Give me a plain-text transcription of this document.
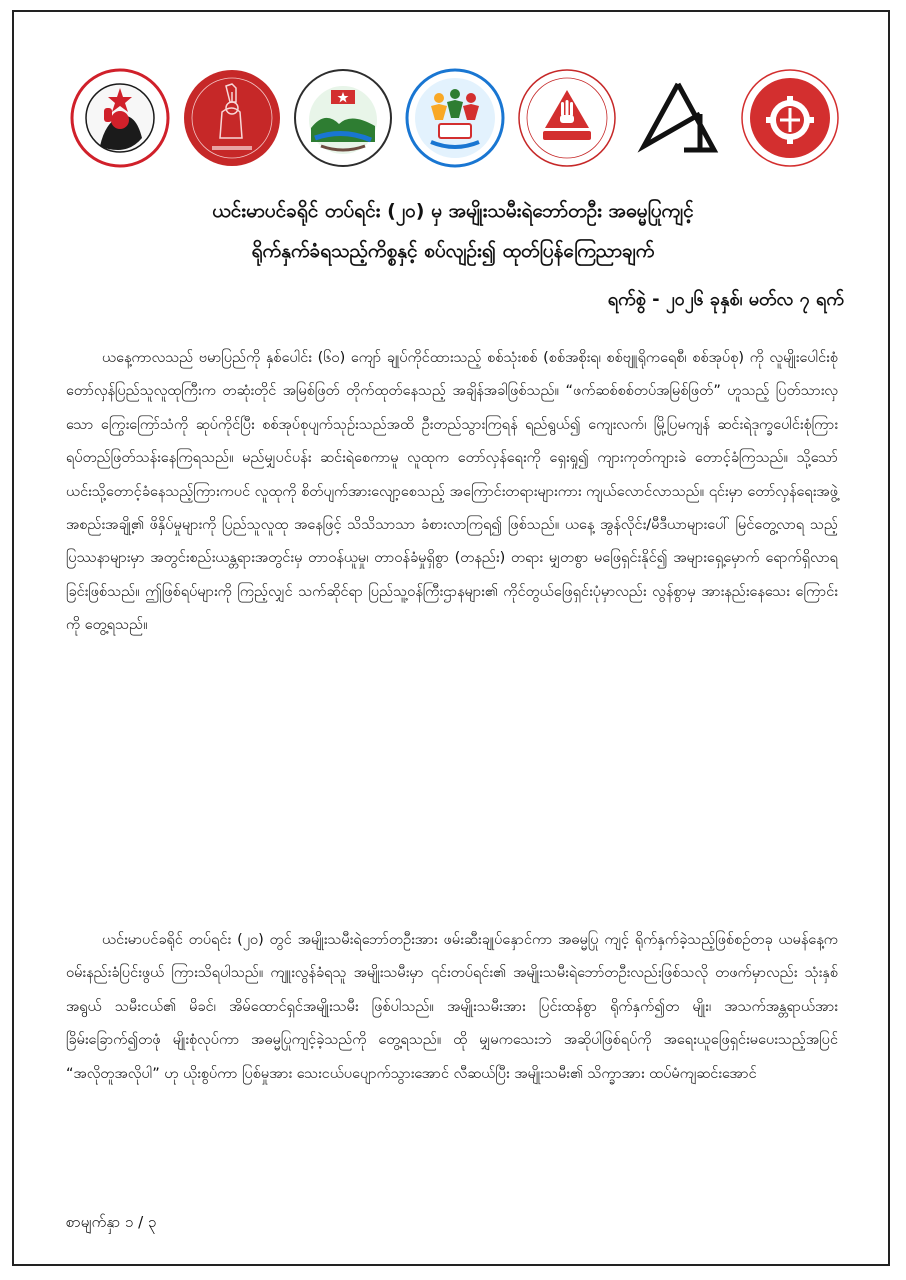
ယင်းမာပင်ခရိုင် တပ်ရင်း (၂၀) မှ အမျိုးသမီးရဲဘော်တဦး အဓမ္မပြုကျင့်
ရိုက်နှက်ခံရသည့်ကိစ္စနှင့် စပ်လျဉ်း၍ ထုတ်ပြန်ကြေညာချက်

ရက်စွဲ - ၂၀၂၆ ခုနှစ်၊ မတ်လ ၇ ရက်

ယနေ့ကာလသည် ဗမာပြည်ကို နှစ်ပေါင်း (၆၀) ကျော် ချုပ်ကိုင်ထားသည့် စစ်သုံးစစ် (စစ်အစိုးရ၊ စစ်ဗျူရိုကရေစီ၊ စစ်အုပ်စု) ကို လူမျိုးပေါင်းစုံ တော်လှန်ပြည်သူလူထုကြီးက တဆုံးတိုင် အမြစ်ဖြတ် တိုက်ထုတ်နေသည့် အချိန်အခါဖြစ်သည်။ “ဖက်ဆစ်စစ်တပ်အမြစ်ဖြတ်” ဟူသည့် ပြတ်သားလှသော ကြွေးကြော်သံကို ဆုပ်ကိုင်ပြီး စစ်အုပ်စုပျက်သုဉ်းသည်အထိ ဦးတည်သွားကြရန် ရည်ရွယ်၍ ကျေးလက်၊ မြို့ပြမကျန် ဆင်းရဲဒုက္ခပေါင်းစုံကြား ရပ်တည်ဖြတ်သန်းနေကြရသည်။ မည်မျှပင်ပန်း ဆင်းရဲစေကာမူ လူထုက တော်လှန်ရေးကို ရှေးရှု၍ ကျားကုတ်ကျားခဲ တောင့်ခံကြသည်။ သို့သော် ယင်းသို့တောင့်ခံနေသည့်ကြားကပင် လူထုကို စိတ်ပျက်အားလျော့စေသည့် အကြောင်းတရားများကား ကျယ်လောင်လာသည်။ ၎င်းမှာ တော်လှန်ရေးအဖွဲ့အစည်းအချို့၏ ဖိနှိပ်မှုများကို ပြည်သူလူထု အနေဖြင့် သိသိသာသာ ခံစားလာကြရ၍ ဖြစ်သည်။ ယနေ့ အွန်လိုင်း/မီဒီယာများပေါ် မြင်တွေ့လာရ သည့် ပြဿနာများမှာ အတွင်းစည်းယန္တရားအတွင်းမှ တာဝန်ယူမှု၊ တာဝန်ခံမှုရှိစွာ (တနည်း) တရား မျှတစွာ မဖြေရှင်းနိုင်၍ အများရှေ့မှောက် ရောက်ရှိလာရခြင်းဖြစ်သည်။ ဤဖြစ်ရပ်များကို ကြည့်လျှင် သက်ဆိုင်ရာ ပြည်သူ့ဝန်ကြီးဌာနများ၏ ကိုင်တွယ်ဖြေရှင်းပုံမှာလည်း လွန်စွာမှ အားနည်းနေသေး ကြောင်းကို တွေ့ရသည်။

ယင်းမာပင်ခရိုင် တပ်ရင်း (၂၀) တွင် အမျိုးသမီးရဲဘော်တဦးအား ဖမ်းဆီးချုပ်နှောင်ကာ အဓမ္မပြု ကျင့် ရိုက်နှက်ခဲ့သည့်ဖြစ်စဉ်တခု ယမန်နေ့က ဝမ်းနည်းခံပြင်းဖွယ် ကြားသိရပါသည်။ ကျူးလွန်ခံရသူ အမျိုးသမီးမှာ ၎င်းတပ်ရင်း၏ အမျိုးသမီးရဲဘော်တဦးလည်းဖြစ်သလို တဖက်မှာလည်း သုံးနှစ်အရွယ် သမီးငယ်၏ မိခင်၊ အိမ်ထောင်ရှင်အမျိုးသမီး ဖြစ်ပါသည်။ အမျိုးသမီးအား ပြင်းထန်စွာ ရိုက်နှက်၍တ မျိုး၊ အသက်အန္တရာယ်အား ခြိမ်းခြောက်၍တဖုံ မျိုးစုံလုပ်ကာ အဓမ္မပြုကျင့်ခဲ့သည်ကို တွေ့ရသည်။ ထို မျှမကသေးဘဲ အဆိုပါဖြစ်ရပ်ကို အရေးယူဖြေရှင်းမပေးသည့်အပြင် “အလိုတူအလိုပါ” ဟု ယိုးစွပ်ကာ ပြစ်မှုအား သေးငယ်ပပျောက်သွားအောင် လီဆယ်ပြီး အမျိုးသမီး၏ သိက္ခာအား ထပ်မံကျဆင်းအောင်

စာမျက်နှာ ၁ / ၃
